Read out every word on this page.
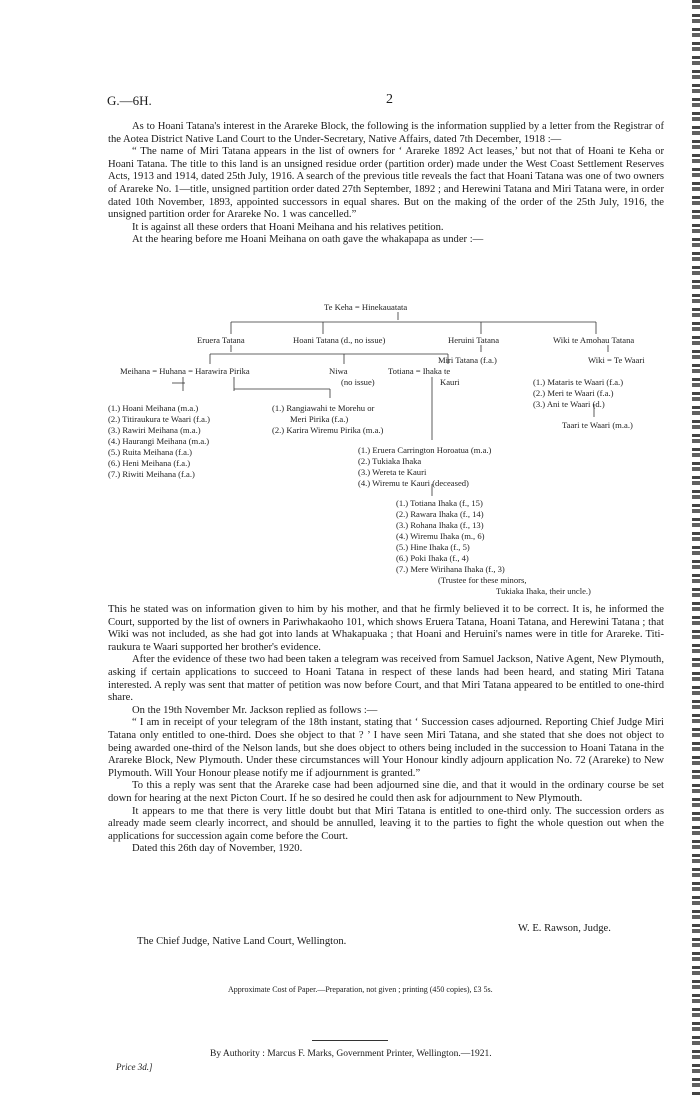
G.—6H.	2

As to Hoani Tatana's interest in the Arareke Block, the following is the information supplied by a letter from the Registrar of the Aotea District Native Land Court to the Under-Secretary, Native Affairs, dated 7th December, 1918 :—

“ The name of Miri Tatana appears in the list of owners for ‘ Arareke 1892 Act leases,’ but not that of Hoani te Keha or Hoani Tatana. The title to this land is an unsigned residue order (partition order) made under the West Coast Settlement Reserves Acts, 1913 and 1914, dated 25th July, 1916. A search of the previous title reveals the fact that Hoani Tatana was one of two owners of Arareke No. 1—title, unsigned partition order dated 27th September, 1892 ; and Herewini Tatana and Miri Tatana were, in order dated 10th November, 1893, appointed successors in equal shares. But on the making of the order of the 25th July, 1916, the unsigned partition order for Arareke No. 1 was cancelled.”

It is against all these orders that Hoani Meihana and his relatives petition.

At the hearing before me Hoani Meihana on oath gave the whakapapa as under :—

Te Keha = Hinekauatata
Eruera Tatana	Hoani Tatana (d., no issue)	Heruini Tatana	Wiki te Amohau Tatana
Miri Tatana (f.a.)	Wiki = Te Waari
Meihana = Huhana = Harawira Pirika	Niwa	Totiana = Ihaka te
(no issue)	Kauri	(1.) Mataris te Waari (f.a.)
(2.) Meri te Waari (f.a.)
(3.) Ani te Waari (d.)
Taari te Waari (m.a.)
(1.) Hoani Meihana (m.a.)
(2.) Titiraukura te Waari (f.a.)
(3.) Rawiri Meihana (m.a.)
(4.) Haurangi Meihana (m.a.)
(5.) Ruita Meihana (f.a.)
(6.) Heni Meihana (f.a.)
(7.) Riwiti Meihana (f.a.)
(1.) Rangiawahi te Morehu or
Meri Pirika (f.a.)
(2.) Karira Wiremu Pirika (m.a.)
(1.) Eruera Carrington Horoatua (m.a.)
(2.) Tukiaka Ihaka
(3.) Wereta te Kauri
(4.) Wiremu te Kauri (deceased)
(1.) Totiana Ihaka (f., 15)
(2.) Rawara Ihaka (f., 14)
(3.) Rohana Ihaka (f., 13)
(4.) Wiremu Ihaka (m., 6)
(5.) Hine Ihaka (f., 5)
(6.) Poki Ihaka (f., 4)
(7.) Mere Wirihana Ihaka (f., 3)
(Trustee for these minors,
Tukiaka Ihaka, their uncle.)

This he stated was on information given to him by his mother, and that he firmly believed it to be correct. It is, he informed the Court, supported by the list of owners in Pariwhakaoho 101, which shows Eruera Tatana, Hoani Tatana, and Herewini Tatana ; that Wiki was not included, as she had got into lands at Whakapuaka ; that Hoani and Heruini's names were in title for Arareke. Titi-raukura te Waari supported her brother's evidence.

After the evidence of these two had been taken a telegram was received from Samuel Jackson, Native Agent, New Plymouth, asking if certain applications to succeed to Hoani Tatana in respect of these lands had been heard, and stating Miri Tatana interested. A reply was sent that matter of petition was now before Court, and that Miri Tatana appeared to be entitled to one-third share.

On the 19th November Mr. Jackson replied as follows :—

“ I am in receipt of your telegram of the 18th instant, stating that ‘ Succession cases adjourned. Reporting Chief Judge Miri Tatana only entitled to one-third. Does she object to that ? ’ I have seen Miri Tatana, and she stated that she does not object to being awarded one-third of the Nelson lands, but she does object to others being included in the succession to Hoani Tatana in the Arareke Block, New Plymouth. Under these circumstances will Your Honour kindly adjourn application No. 72 (Arareke) to New Plymouth. Will Your Honour please notify me if adjournment is granted.”

To this a reply was sent that the Arareke case had been adjourned sine die, and that it would in the ordinary course be set down for hearing at the next Picton Court. If he so desired he could then ask for adjournment to New Plymouth.

It appears to me that there is very little doubt but that Miri Tatana is entitled to one-third only. The succession orders as already made seem clearly incorrect, and should be annulled, leaving it to the parties to fight the whole question out when the applications for succession again come before the Court.

Dated this 26th day of November, 1920.

W. E. Rawson, Judge.
The Chief Judge, Native Land Court, Wellington.
Approximate Cost of Paper.—Preparation, not given ; printing (450 copies), £3 5s.
By Authority : Marcus F. Marks, Government Printer, Wellington.—1921.
Price 3d.]
